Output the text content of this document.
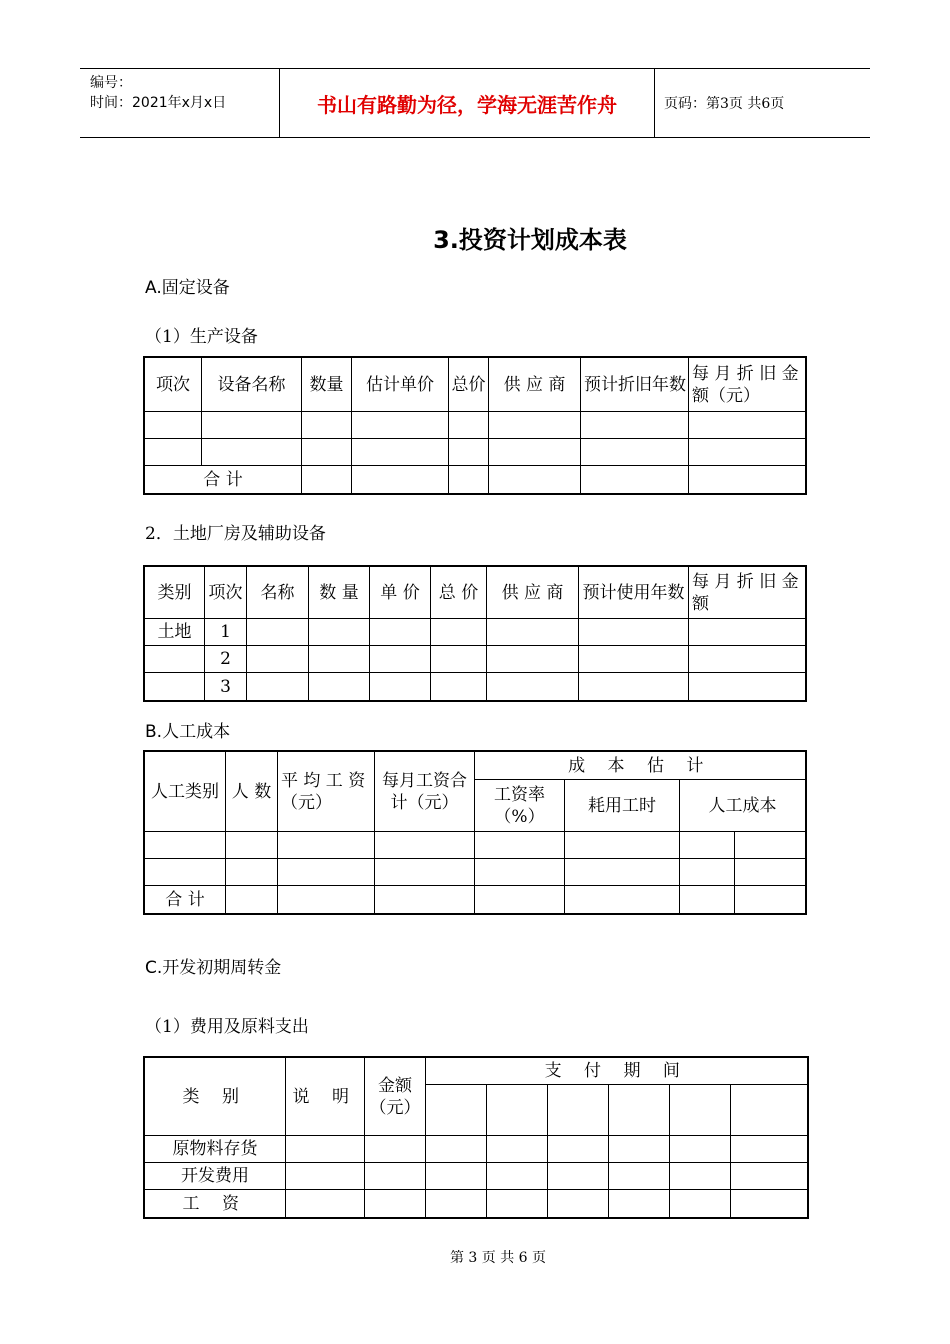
编号：
时间：2021年x月x日	书山有路勤为径，学海无涯苦作舟	页码：第3页 共6页
3.投资计划成本表
A.固定设备
（1）生产设备
项次	设备名称	数量	估计单价	总价	供 应 商	预计折旧年数	每 月 折 旧 金额（元）

合 计							
2．土地厂房及辅助设备
类别	项次	名称	数 量	单 价	总 价	供 应 商	预计使用年数	每 月 折 旧 金额
土地	1							
	2							
	3							
B.人工成本
人工类别	人 数	平 均 工 资（元）	每月工资合计（元）	成 本 估 计			
				工资率（%）	耗用工时	人工成本	

合 计							
C.开发初期周转金
（1）费用及原料支出
类 别	说 明	金额（元）	支 付 期 间					

原物料存货								
开发费用								
工 资								
第 3 页 共 6 页
